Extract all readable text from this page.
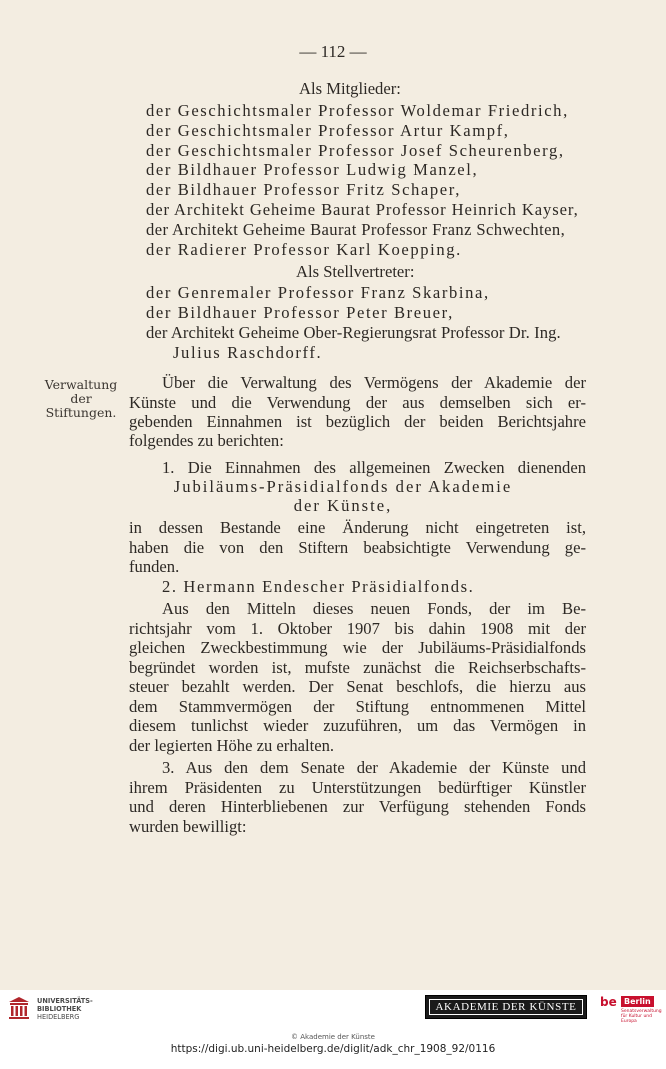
— 112 —
Als Mitglieder:
der Geschichtsmaler Professor Woldemar Friedrich,
der Geschichtsmaler Professor Artur Kampf,
der Geschichtsmaler Professor Josef Scheurenberg,
der Bildhauer Professor Ludwig Manzel,
der Bildhauer Professor Fritz Schaper,
der Architekt Geheime Baurat Professor Heinrich Kayser,
der Architekt Geheime Baurat Professor Franz Schwechten,
der Radierer Professor Karl Koepping.
Als Stellvertreter:
der Genremaler Professor Franz Skarbina,
der Bildhauer Professor Peter Breuer,
der Architekt Geheime Ober-Regierungsrat Professor Dr. Ing.
Julius Raschdorff.
Verwaltung
der
Stiftungen.
Über die Verwaltung des Vermögens der Akademie der
Künste und die Verwendung der aus demselben sich er-
gebenden Einnahmen ist bezüglich der beiden Berichtsjahre
folgendes zu berichten:
1. Die Einnahmen des allgemeinen Zwecken dienenden
Jubiläums-Präsidialfonds der Akademie
der Künste,
in dessen Bestande eine Änderung nicht eingetreten ist,
haben die von den Stiftern beabsichtigte Verwendung ge-
funden.
2. Hermann Endescher Präsidialfonds.
Aus den Mitteln dieses neuen Fonds, der im Be-
richtsjahr vom 1. Oktober 1907 bis dahin 1908 mit der
gleichen Zweckbestimmung wie der Jubiläums-Präsidialfonds
begründet worden ist, mufste zunächst die Reichserbschafts-
steuer bezahlt werden. Der Senat beschlofs, die hierzu aus
dem Stammvermögen der Stiftung entnommenen Mittel
diesem tunlichst wieder zuzuführen, um das Vermögen in
der legierten Höhe zu erhalten.
3. Aus den dem Senate der Akademie der Künste und
ihrem Präsidenten zu Unterstützungen bedürftiger Künstler
und deren Hinterbliebenen zur Verfügung stehenden Fonds
wurden bewilligt:
UNIVERSITÄTS-
BIBLIOTHEK
HEIDELBERG
AKADEMIE DER KÜNSTE	be Berlin
Senatsverwaltung für Kultur und Europa
© Akademie der Künste
https://digi.ub.uni-heidelberg.de/diglit/adk_chr_1908_92/0116
